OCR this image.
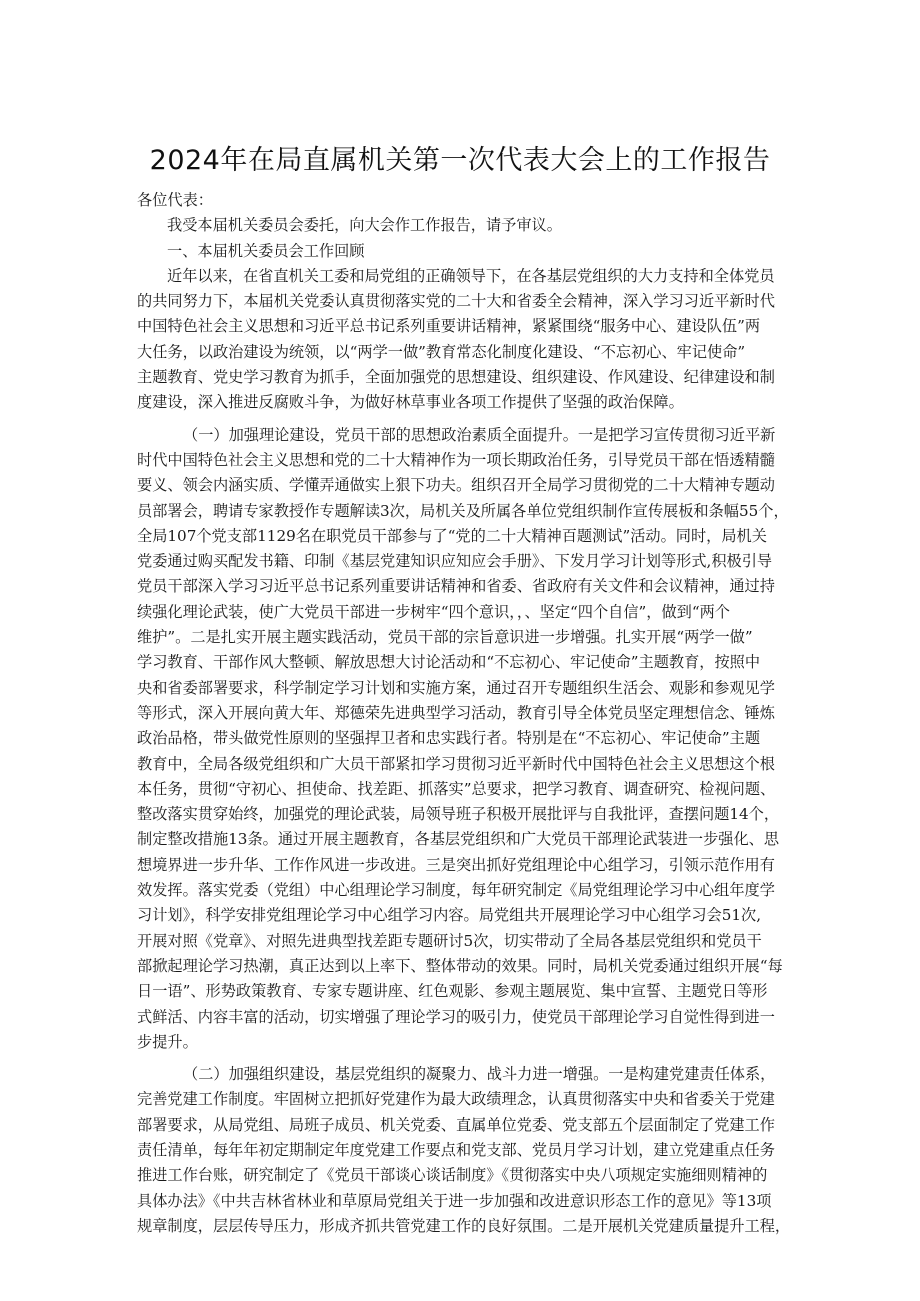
2024年在局直属机关第一次代表大会上的工作报告
各位代表：
我受本届机关委员会委托，向大会作工作报告，请予审议。
一、本届机关委员会工作回顾
近年以来，在省直机关工委和局党组的正确领导下，在各基层党组织的大力支持和全体党员
的共同努力下，本届机关党委认真贯彻落实党的二十大和省委全会精神，深入学习习近平新时代
中国特色社会主义思想和习近平总书记系列重要讲话精神，紧紧围绕“服务中心、建设队伍”两
大任务，以政治建设为统领，以“两学一做”教育常态化制度化建设、“不忘初心、牢记使命”
主题教育、党史学习教育为抓手，全面加强党的思想建设、组织建设、作风建设、纪律建设和制
度建设，深入推进反腐败斗争，为做好林草事业各项工作提供了坚强的政治保障。
（一）加强理论建设，党员干部的思想政治素质全面提升。一是把学习宣传贯彻习近平新
时代中国特色社会主义思想和党的二十大精神作为一项长期政治任务，引导党员干部在悟透精髓
要义、领会内涵实质、学懂弄通做实上狠下功夫。组织召开全局学习贯彻党的二十大精神专题动
员部署会，聘请专家教授作专题解读3次，局机关及所属各单位党组织制作宣传展板和条幅55个，
全局107个党支部1129名在职党员干部参与了“党的二十大精神百题测试”活动。同时，局机关
党委通过购买配发书籍、印制《基层党建知识应知应会手册》、下发月学习计划等形式,积极引导
党员干部深入学习习近平总书记系列重要讲话精神和省委、省政府有关文件和会议精神，通过持
续强化理论武装，使广大党员干部进一步树牢“四个意识，，、坚定“四个自信”，做到“两个
维护”。二是扎实开展主题实践活动，党员干部的宗旨意识进一步增强。扎实开展“两学一做”
学习教育、干部作风大整顿、解放思想大讨论活动和“不忘初心、牢记使命”主题教育，按照中
央和省委部署要求，科学制定学习计划和实施方案，通过召开专题组织生活会、观影和参观见学
等形式，深入开展向黄大年、郑德荣先进典型学习活动，教育引导全体党员坚定理想信念、锤炼
政治品格，带头做党性原则的坚强捍卫者和忠实践行者。特别是在“不忘初心、牢记使命”主题
教育中，全局各级党组织和广大员干部紧扣学习贯彻习近平新时代中国特色社会主义思想这个根
本任务，贯彻“守初心、担使命、找差距、抓落实”总要求，把学习教育、调查研究、检视问题、
整改落实贯穿始终，加强党的理论武装，局领导班子积极开展批评与自我批评，查摆问题14个，
制定整改措施13条。通过开展主题教育，各基层党组织和广大党员干部理论武装进一步强化、思
想境界进一步升华、工作作风进一步改进。三是突出抓好党组理论中心组学习，引领示范作用有
效发挥。落实党委（党组）中心组理论学习制度，每年研究制定《局党组理论学习中心组年度学
习计划》，科学安排党组理论学习中心组学习内容。局党组共开展理论学习中心组学习会51次,
开展对照《党章》、对照先进典型找差距专题研讨5次，切实带动了全局各基层党组织和党员干
部掀起理论学习热潮，真正达到以上率下、整体带动的效果。同时，局机关党委通过组织开展“每
日一语”、形势政策教育、专家专题讲座、红色观影、参观主题展览、集中宣誓、主题党日等形
式鲜活、内容丰富的活动，切实增强了理论学习的吸引力，使党员干部理论学习自觉性得到进一
步提升。
（二）加强组织建设，基层党组织的凝聚力、战斗力进一增强。一是构建党建责任体系，
完善党建工作制度。牢固树立把抓好党建作为最大政绩理念，认真贯彻落实中央和省委关于党建
部署要求，从局党组、局班子成员、机关党委、直属单位党委、党支部五个层面制定了党建工作
责任清单，每年年初定期制定年度党建工作要点和党支部、党员月学习计划，建立党建重点任务
推进工作台账，研究制定了《党员干部谈心谈话制度》《贯彻落实中央八项规定实施细则精神的
具体办法》《中共吉林省林业和草原局党组关于进一步加强和改进意识形态工作的意见》等13项
规章制度，层层传导压力，形成齐抓共管党建工作的良好氛围。二是开展机关党建质量提升工程，
